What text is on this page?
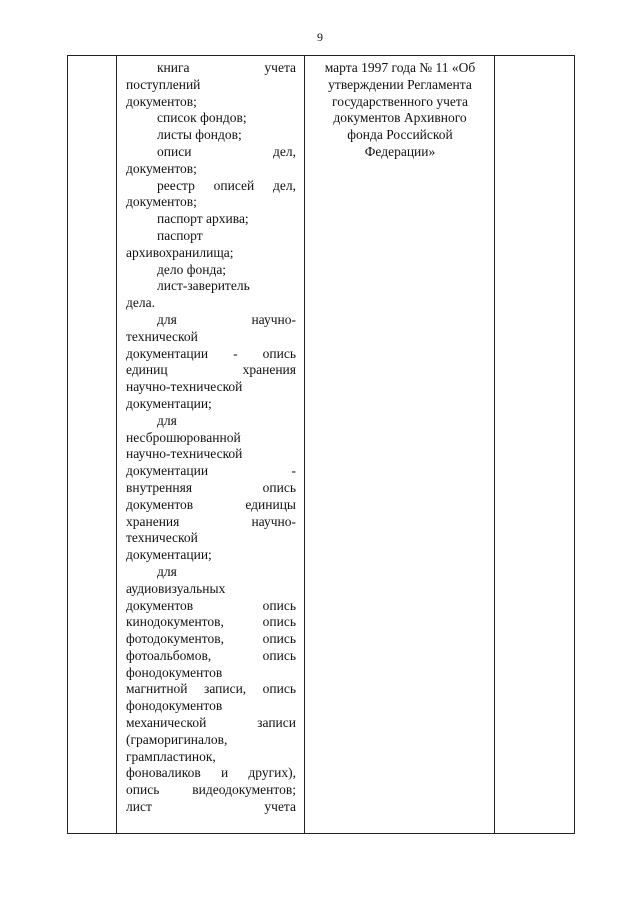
9
книга учета
поступлений
документов;
список фондов;
листы фондов;
описи дел,
документов;
реестр описей дел,
документов;
паспорт архива;
паспорт
архивохранилища;
дело фонда;
лист-заверитель
дела.
для научно-
технической
документации - опись
единиц хранения
научно-технической
документации;
для
несброшюрованной
научно-технической
документации -
внутренняя опись
документов единицы
хранения научно-
технической
документации;
для
аудиовизуальных
документов опись
кинодокументов, опись
фотодокументов, опись
фотоальбомов, опись
фонодокументов
магнитной записи, опись
фонодокументов
механической записи
(граморигиналов,
грампластинок,
фоноваликов и других),
опись видеодокументов;
лист учета
марта 1997 года № 11 «Об
утверждении Регламента
государственного учета
документов Архивного
фонда Российской
Федерации»
